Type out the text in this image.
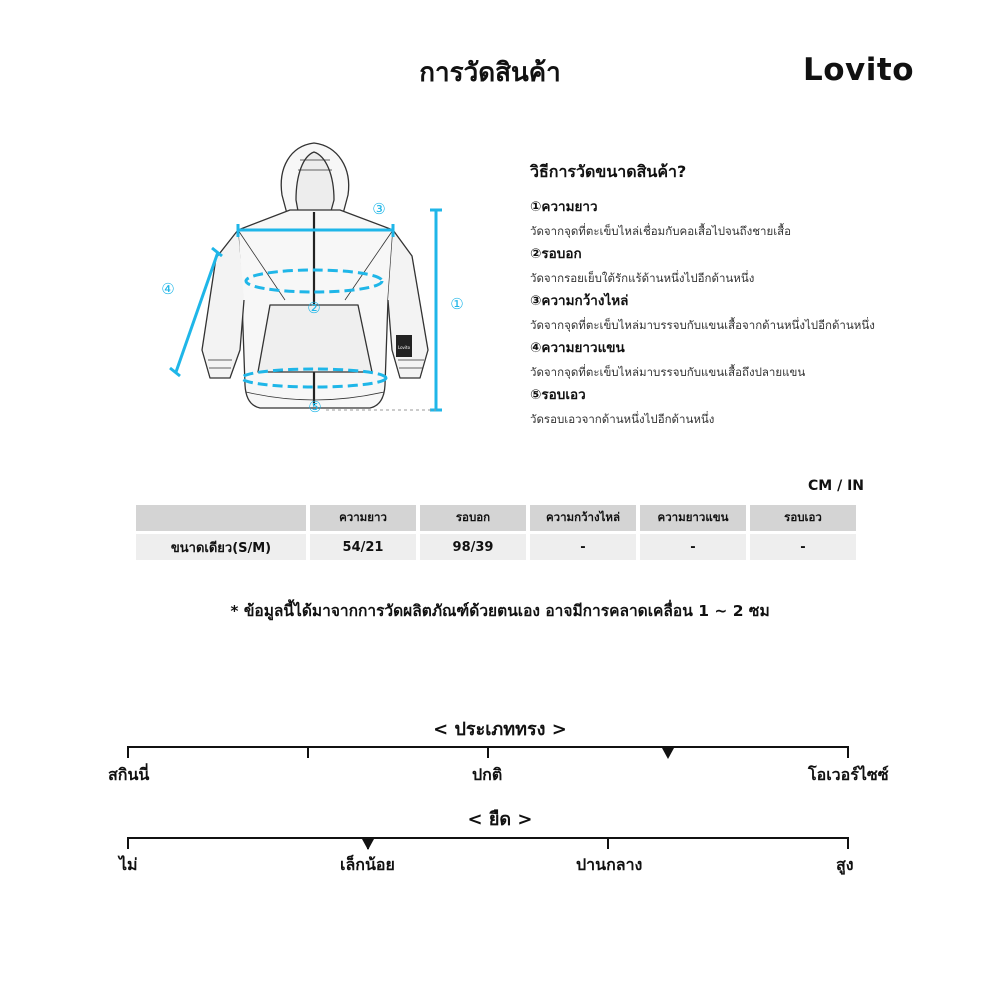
การวัดสินค้า	Lovito
Lovito
①
②
③
④
⑤
วิธีการวัดขนาดสินค้า?
①ความยาว
วัดจากจุดที่ตะเข็บไหล่เชื่อมกับคอเสื้อไปจนถึงชายเสื้อ
②รอบอก
วัดจากรอยเย็บใต้รักแร้ด้านหนึ่งไปอีกด้านหนึ่ง
③ความกว้างไหล่
วัดจากจุดที่ตะเข็บไหล่มาบรรจบกับแขนเสื้อจากด้านหนึ่งไปอีกด้านหนึ่ง
④ความยาวแขน
วัดจากจุดที่ตะเข็บไหล่มาบรรจบกับแขนเสื้อถึงปลายแขน
⑤รอบเอว
วัดรอบเอวจากด้านหนึ่งไปอีกด้านหนึ่ง
CM / IN
	ความยาว	รอบอก	ความกว้างไหล่	ความยาวแขน	รอบเอว
ขนาดเดียว(S/M)	54/21	98/39	-	-	-
* ข้อมูลนี้ได้มาจากการวัดผลิตภัณฑ์ด้วยตนเอง อาจมีการคลาดเคลื่อน 1 ~ 2 ซม
< ประเภททรง >
สกินนี่	ปกติ	โอเวอร์ไซซ์
< ยืด >
ไม่	เล็กน้อย	ปานกลาง	สูง
